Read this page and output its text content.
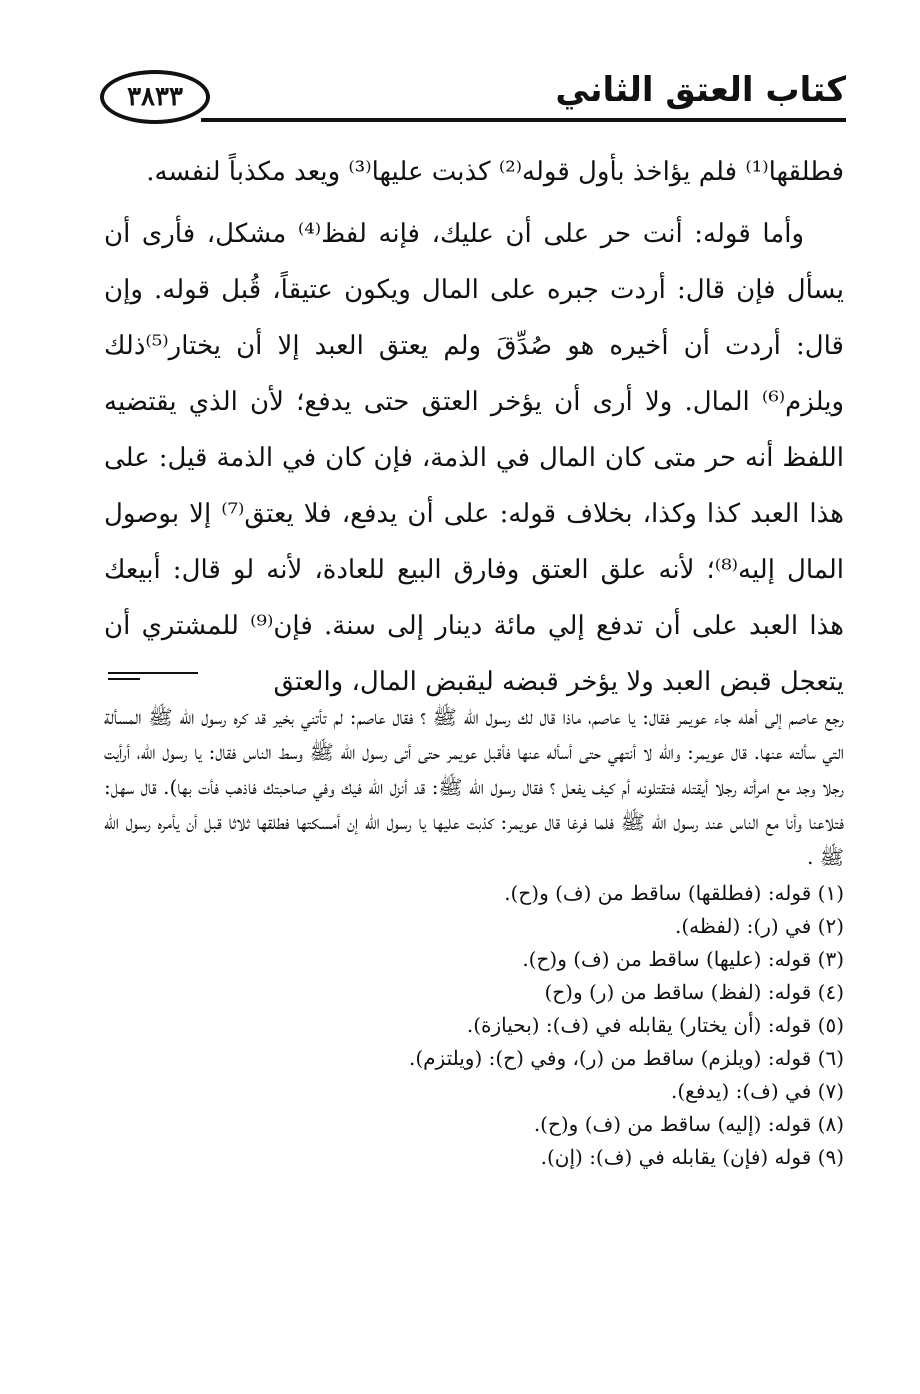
٣٨٣٣	كتاب العتق الثاني

فطلقها⁽¹⁾ فلم يؤاخذ بأول قوله⁽²⁾ كذبت عليها⁽³⁾ ويعد مكذباً لنفسه.

وأما قوله: أنت حر على أن عليك، فإنه لفظ⁽⁴⁾ مشكل، فأرى أن يسأل فإن قال: أردت جبره على المال ويكون عتيقاً، قُبل قوله. وإن قال: أردت أن أخيره هو صُدِّقَ ولم يعتق العبد إلا أن يختار⁽⁵⁾ذلك ويلزم⁽⁶⁾ المال. ولا أرى أن يؤخر العتق حتى يدفع؛ لأن الذي يقتضيه اللفظ أنه حر متى كان المال في الذمة، فإن كان في الذمة قيل: على هذا العبد كذا وكذا، بخلاف قوله: على أن يدفع، فلا يعتق⁽⁷⁾ إلا بوصول المال إليه⁽⁸⁾؛ لأنه علق العتق وفارق البيع للعادة، لأنه لو قال: أبيعك هذا العبد على أن تدفع إلي مائة دينار إلى سنة. فإن⁽⁹⁾ للمشتري أن يتعجل قبض العبد ولا يؤخر قبضه ليقبض المال، والعتق

رجع عاصم إلى أهله جاء عويمر فقال: يا عاصم، ماذا قال لك رسول الله ﷺ ؟ فقال عاصم: لم تأتني بخير قد كره رسول الله ﷺ المسألة التي سألته عنها. قال عويمر: والله لا أنتهي حتى أسأله عنها فأقبل عويمر حتى أتى رسول الله ﷺ وسط الناس فقال: يا رسول الله، أرأيت رجلا وجد مع امرأته رجلا أيقتله فتقتلونه أم كيف يفعل ؟ فقال رسول الله ﷺ: قد أنزل الله فيك وفي صاحبتك فاذهب فأت بها). قال سهل: فتلاعنا وأنا مع الناس عند رسول الله ﷺ فلما فرغا قال عويمر: كذبت عليها يا رسول الله إن أمسكتها فطلقها ثلاثا قبل أن يأمره رسول الله ﷺ .

(١) قوله: (فطلقها) ساقط من (ف) و(ح).
(٢) في (ر): (لفظه).
(٣) قوله: (عليها) ساقط من (ف) و(ح).
(٤) قوله: (لفظ) ساقط من (ر) و(ح)
(٥) قوله: (أن يختار) يقابله في (ف): (بحيازة).
(٦) قوله: (ويلزم) ساقط من (ر)، وفي (ح): (ويلتزم).
(٧) في (ف): (يدفع).
(٨) قوله: (إليه) ساقط من (ف) و(ح).
(٩) قوله (فإن) يقابله في (ف): (إن).
